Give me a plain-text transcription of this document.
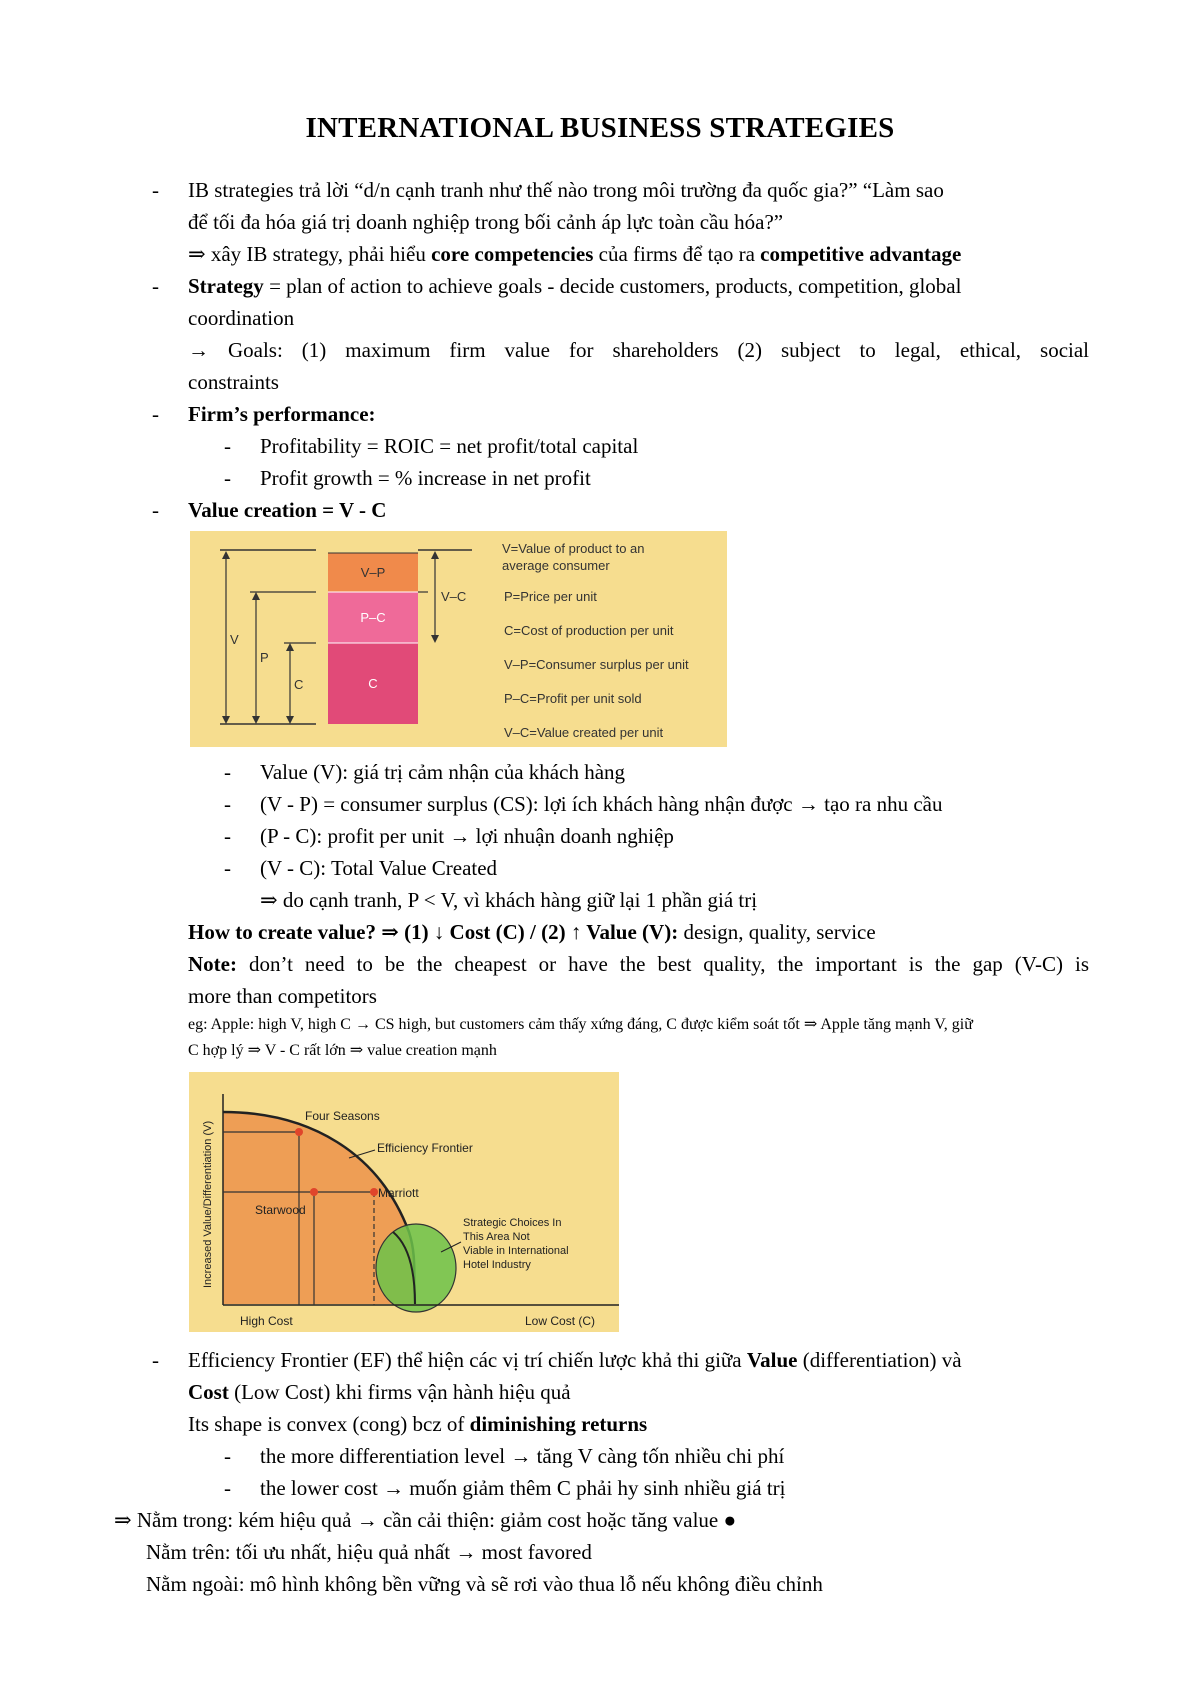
INTERNATIONAL BUSINESS STRATEGIES
- IB strategies trả lời “d/n cạnh tranh như thế nào trong môi trường đa quốc gia?” “Làm sao
để tối đa hóa giá trị doanh nghiệp trong bối cảnh áp lực toàn cầu hóa?”
⇒ xây IB strategy, phải hiểu core competencies của firms để tạo ra competitive advantage
- Strategy = plan of action to achieve goals - decide customers, products, competition, global
coordination
→ Goals: (1) maximum firm value for shareholders (2) subject to legal, ethical, social
constraints
- Firm’s performance:
- Profitability = ROIC = net profit/total capital
- Profit growth = % increase in net profit
- Value creation = V - C
V–P
P–C
C
V
P
C
V–C
V=Value of product to an
average consumer
P=Price per unit
C=Cost of production per unit
V–P=Consumer surplus per unit
P–C=Profit per unit sold
V–C=Value created per unit
- Value (V): giá trị cảm nhận của khách hàng
- (V - P) = consumer surplus (CS): lợi ích khách hàng nhận được → tạo ra nhu cầu
- (P - C): profit per unit → lợi nhuận doanh nghiệp
- (V - C): Total Value Created
⇒ do cạnh tranh, P < V, vì khách hàng giữ lại 1 phần giá trị
How to create value? ⇒ (1) ↓ Cost (C) / (2) ↑ Value (V): design, quality, service
Note: don’t need to be the cheapest or have the best quality, the important is the gap (V-C) is
more than competitors
eg: Apple: high V, high C → CS high, but customers cảm thấy xứng đáng, C được kiểm soát tốt ⇒ Apple tăng mạnh V, giữ
C hợp lý ⇒ V - C rất lớn ⇒ value creation mạnh
Four Seasons
Efficiency Frontier
Marriott
Starwood
Strategic Choices In
This Area Not
Viable in International
Hotel Industry
High Cost	Low Cost (C)
Increased Value/Differentiation (V)
- Efficiency Frontier (EF) thể hiện các vị trí chiến lược khả thi giữa Value (differentiation) và
Cost (Low Cost) khi firms vận hành hiệu quả
Its shape is convex (cong) bcz of diminishing returns
- the more differentiation level → tăng V càng tốn nhiều chi phí
- the lower cost → muốn giảm thêm C phải hy sinh nhiều giá trị
⇒ Nằm trong: kém hiệu quả → cần cải thiện: giảm cost hoặc tăng value ●
Nằm trên: tối ưu nhất, hiệu quả nhất → most favored
Nằm ngoài: mô hình không bền vững và sẽ rơi vào thua lỗ nếu không điều chỉnh
